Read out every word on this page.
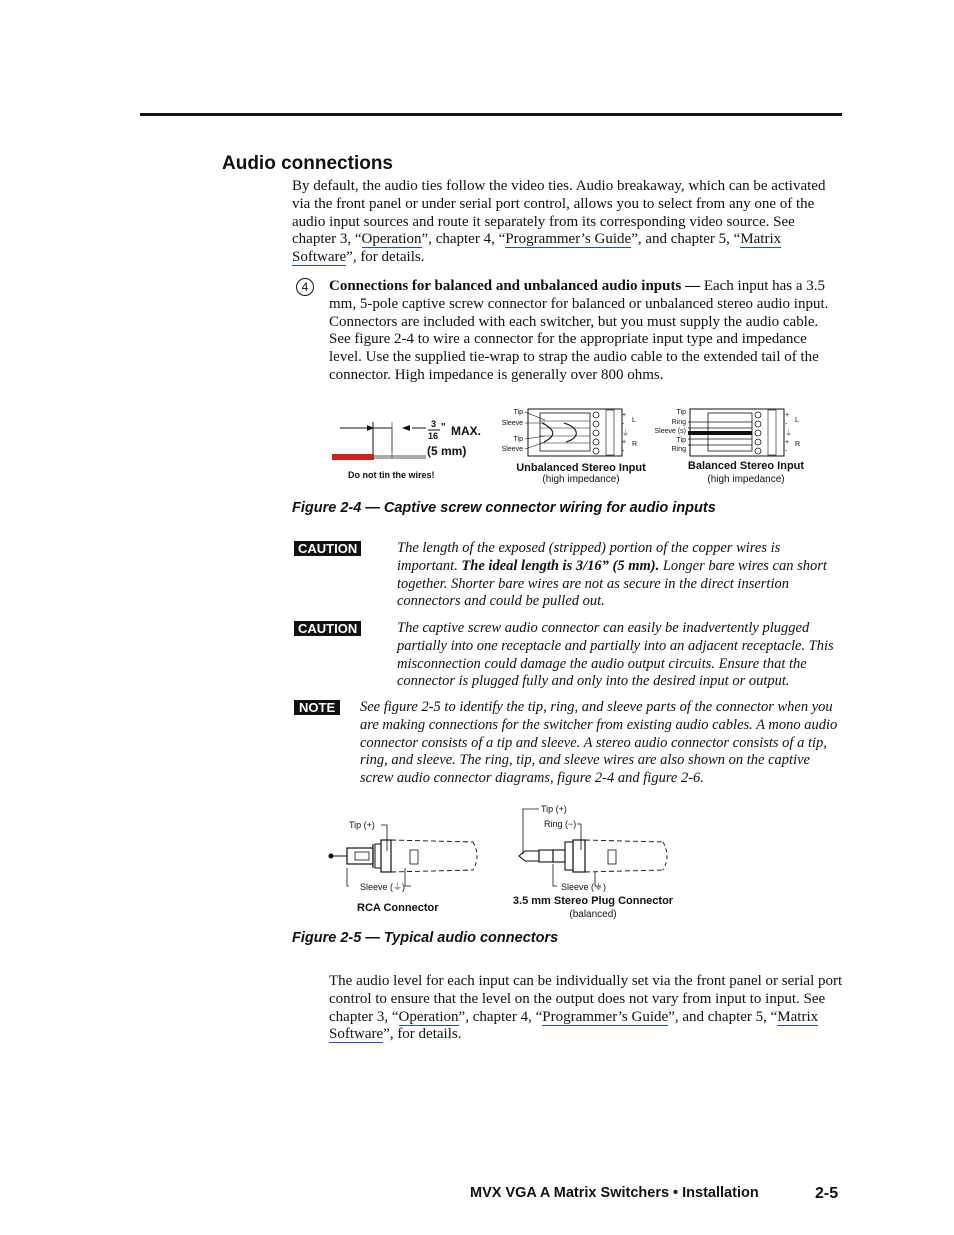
Audio connections
By default, the audio ties follow the video ties. Audio breakaway, which can be activated via the front panel or under serial port control, allows you to select from any one of the audio input sources and route it separately from its corresponding video source. See chapter 3, “Operation”, chapter 4, “Programmer’s Guide”, and chapter 5, “Matrix Software”, for details.
4	Connections for balanced and unbalanced audio inputs — Each input has a 3.5 mm, 5-pole captive screw connector for balanced or unbalanced stereo audio input. Connectors are included with each switcher, but you must supply the audio cable. See figure 2-4 to wire a connector for the appropriate input type and impedance level. Use the supplied tie-wrap to strap the audio cable to the extended tail of the connector. High impedance is generally over 800 ohms.
3
16
" MAX.
(5 mm)
Do not tin the wires!
Tip
Sleeve
Tip
Sleeve
+
-
⏚
+
-
L
R
Unbalanced Stereo Input
(high impedance)
Tip
Ring
Sleeve (s)
Tip
Ring
+
-
⏚
+
-
L
R
Balanced Stereo Input
(high impedance)
Figure 2-4 — Captive screw connector wiring for audio inputs
CAUTION	The length of the exposed (stripped) portion of the copper wires is important. The ideal length is 3/16” (5 mm). Longer bare wires can short together. Shorter bare wires are not as secure in the direct insertion connectors and could be pulled out.
CAUTION	The captive screw audio connector can easily be inadvertently plugged partially into one receptacle and partially into an adjacent receptacle. This misconnection could damage the audio output circuits. Ensure that the connector is plugged fully and only into the desired input or output.
NOTE	See figure 2-5 to identify the tip, ring, and sleeve parts of the connector when you are making connections for the switcher from existing audio cables. A mono audio connector consists of a tip and sleeve. A stereo audio connector consists of a tip, ring, and sleeve. The ring, tip, and sleeve wires are also shown on the captive screw audio connector diagrams, figure 2-4 and figure 2-6.
Tip (+)
Sleeve (⏚)
RCA Connector
Tip (+)
Ring (−)
Sleeve (⏚)
3.5 mm Stereo Plug Connector
(balanced)
Figure 2-5 — Typical audio connectors
The audio level for each input can be individually set via the front panel or serial port control to ensure that the level on the output does not vary from input to input. See chapter 3, “Operation”, chapter 4, “Programmer’s Guide”, and chapter 5, “Matrix Software”, for details.
MVX VGA A Matrix Switchers • Installation	2-5
